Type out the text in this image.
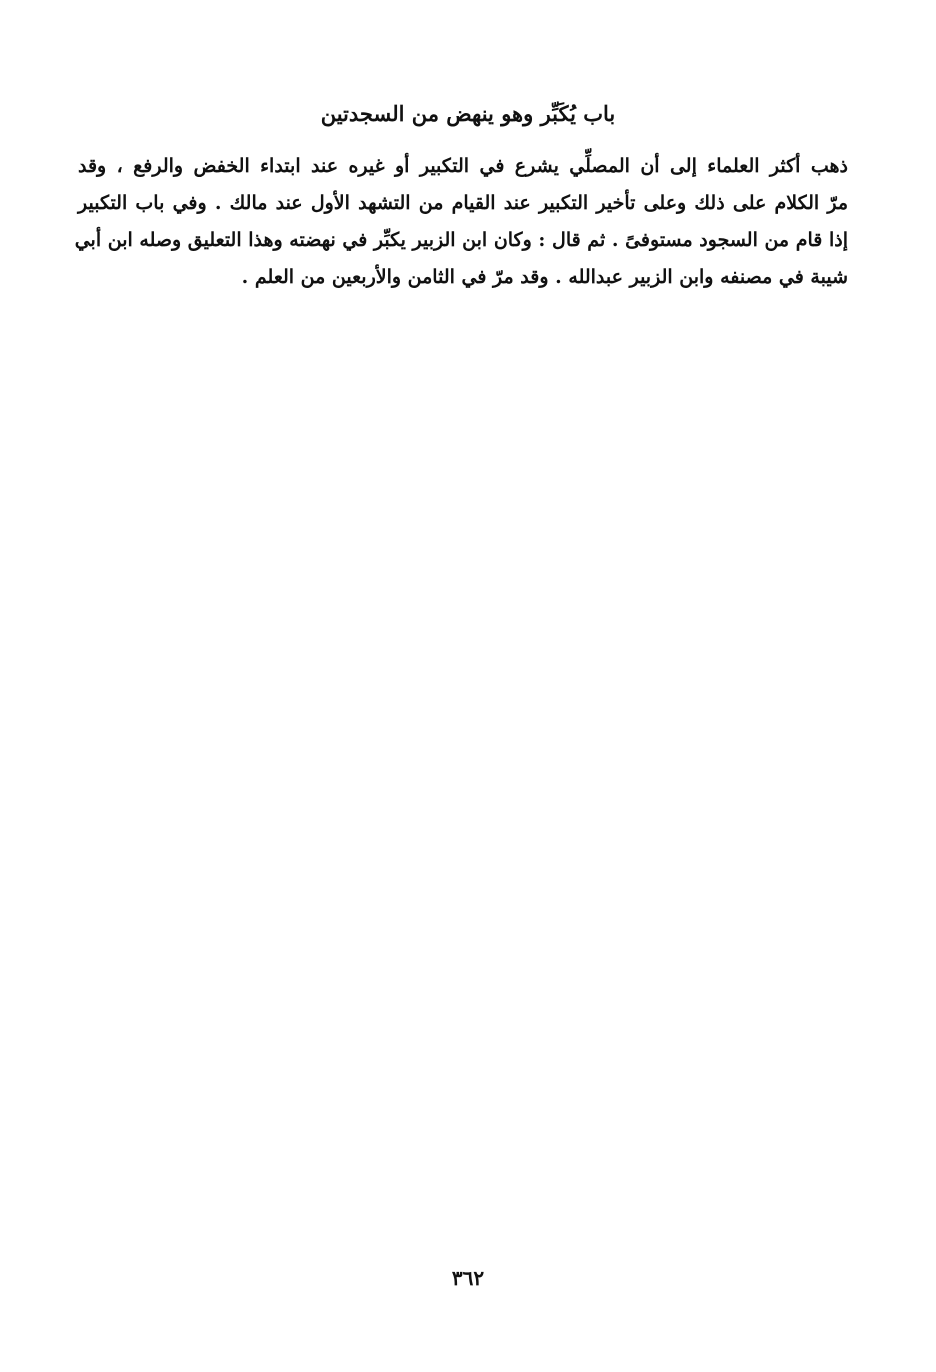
باب يُكَبِّر وهو ينهض من السجدتين
ذهب أكثر العلماء إلى أن المصلِّي يشرع في التكبير أو غيره عند ابتداء الخفض والرفع ، وقد
مرّ الكلام على ذلك وعلى تأخير التكبير عند القيام من التشهد الأول عند مالك . وفي باب التكبير
إذا قام من السجود مستوفىً . ثم قال : وكان ابن الزبير يكبِّر في نهضته وهذا التعليق وصله ابن أبي
شيبة في مصنفه وابن الزبير عبدالله . وقد مرّ في الثامن والأربعين من العلم .
٣٦٢
